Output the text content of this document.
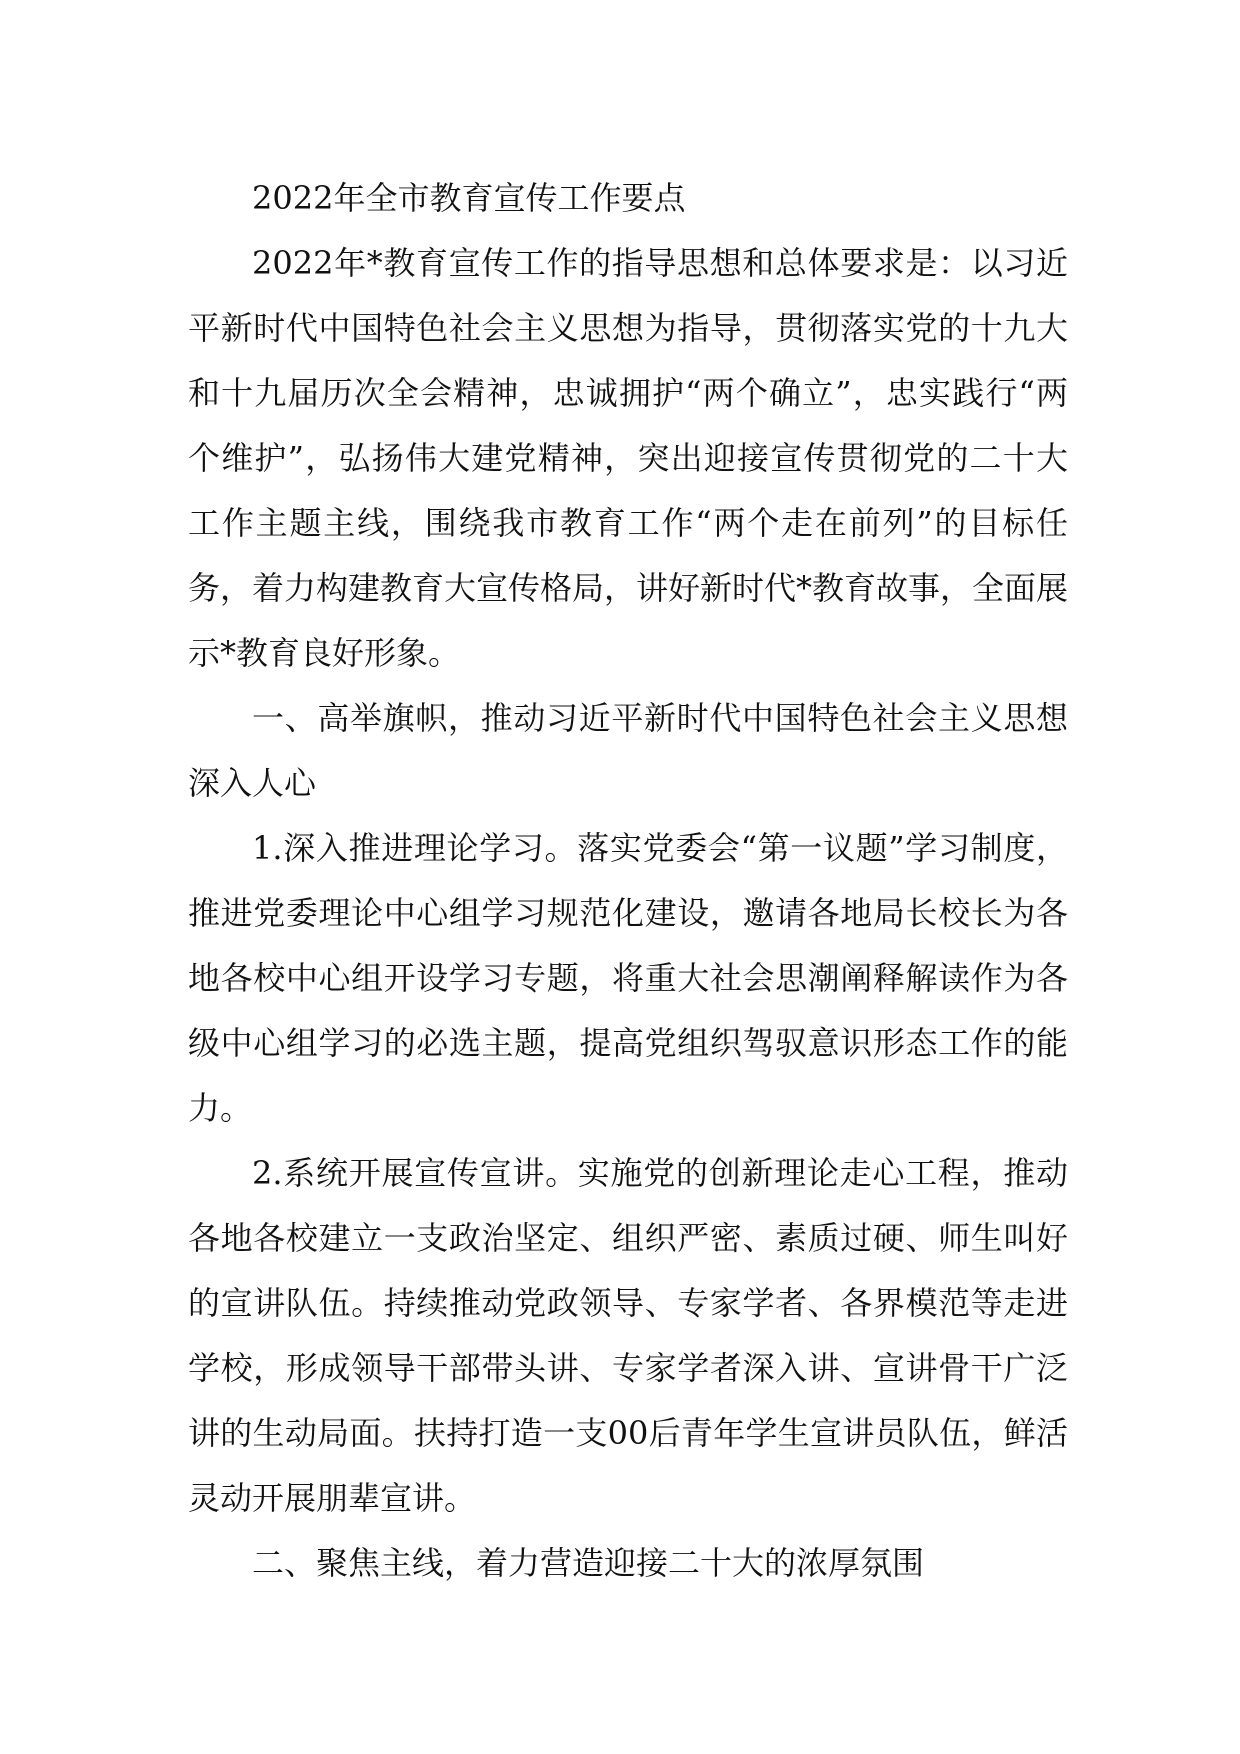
2022年全市教育宣传工作要点

2022年*教育宣传工作的指导思想和总体要求是：以习近平新时代中国特色社会主义思想为指导，贯彻落实党的十九大和十九届历次全会精神，忠诚拥护“两个确立”，忠实践行“两个维护”，弘扬伟大建党精神，突出迎接宣传贯彻党的二十大工作主题主线，围绕我市教育工作“两个走在前列”的目标任务，着力构建教育大宣传格局，讲好新时代*教育故事，全面展示*教育良好形象。

一、高举旗帜，推动习近平新时代中国特色社会主义思想深入人心

1.深入推进理论学习。落实党委会“第一议题”学习制度，推进党委理论中心组学习规范化建设，邀请各地局长校长为各地各校中心组开设学习专题，将重大社会思潮阐释解读作为各级中心组学习的必选主题，提高党组织驾驭意识形态工作的能力。

2.系统开展宣传宣讲。实施党的创新理论走心工程，推动各地各校建立一支政治坚定、组织严密、素质过硬、师生叫好的宣讲队伍。持续推动党政领导、专家学者、各界模范等走进学校，形成领导干部带头讲、专家学者深入讲、宣讲骨干广泛讲的生动局面。扶持打造一支00后青年学生宣讲员队伍，鲜活灵动开展朋辈宣讲。

二、聚焦主线，着力营造迎接二十大的浓厚氛围
